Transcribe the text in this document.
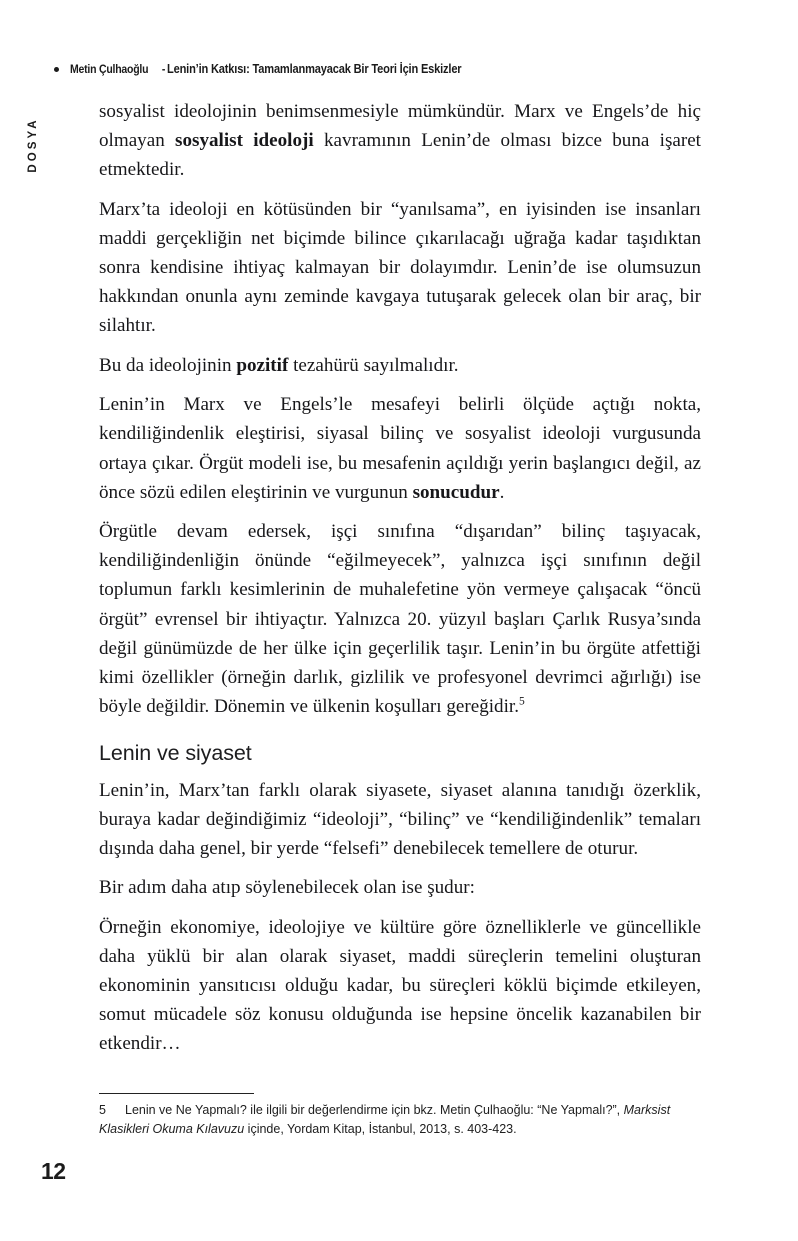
Metin Çulhaoğlu - Lenin’in Katkısı: Tamamlanmayacak Bir Teori İçin Eskizler
DOSYA

sosyalist ideolojinin benimsenmesiyle mümkündür. Marx ve Engels’de hiç olmayan sosyalist ideoloji kavramının Lenin’de olması bizce buna işaret etmektedir.

Marx’ta ideoloji en kötüsünden bir “yanılsama”, en iyisinden ise insanları maddi gerçekliğin net biçimde bilince çıkarılacağı uğrağa kadar taşıdıktan sonra kendisine ihtiyaç kalmayan bir dolayımdır. Lenin’de ise olumsuzun hakkından onunla aynı zeminde kavgaya tutuşarak gelecek olan bir araç, bir silahtır.

Bu da ideolojinin pozitif tezahürü sayılmalıdır.

Lenin’in Marx ve Engels’le mesafeyi belirli ölçüde açtığı nokta, kendiliğindenlik eleştirisi, siyasal bilinç ve sosyalist ideoloji vurgusunda ortaya çıkar. Örgüt modeli ise, bu mesafenin açıldığı yerin başlangıcı değil, az önce sözü edilen eleştirinin ve vurgunun sonucudur.

Örgütle devam edersek, işçi sınıfına “dışarıdan” bilinç taşıyacak, kendiliğindenliğin önünde “eğilmeyecek”, yalnızca işçi sınıfının değil toplumun farklı kesimlerinin de muhalefetine yön vermeye çalışacak “öncü örgüt” evrensel bir ihtiyaçtır. Yalnızca 20. yüzyıl başları Çarlık Rusya’sında değil günümüzde de her ülke için geçerlilik taşır. Lenin’in bu örgüte atfettiği kimi özellikler (örneğin darlık, gizlilik ve profesyonel devrimci ağırlığı) ise böyle değildir. Dönemin ve ülkenin koşulları gereğidir.$^5$

Lenin ve siyaset

Lenin’in, Marx’tan farklı olarak siyasete, siyaset alanına tanıdığı özerklik, buraya kadar değindiğimiz “ideoloji”, “bilinç” ve “kendiliğindenlik” temaları dışında daha genel, bir yerde “felsefi” denebilecek temellere de oturur.

Bir adım daha atıp söylenebilecek olan ise şudur:

Örneğin ekonomiye, ideolojiye ve kültüre göre öznelliklerle ve güncellikle daha yüklü bir alan olarak siyaset, maddi süreçlerin temelini oluşturan ekonominin yansıtıcısı olduğu kadar, bu süreçleri köklü biçimde etkileyen, somut mücadele söz konusu olduğunda ise hepsine öncelik kazanabilen bir etkendir…

5 Lenin ve Ne Yapmalı? ile ilgili bir değerlendirme için bkz. Metin Çulhaoğlu: “Ne Yapmalı?”, Marksist Klasikleri Okuma Kılavuzu içinde, Yordam Kitap, İstanbul, 2013, s. 403-423.

12
